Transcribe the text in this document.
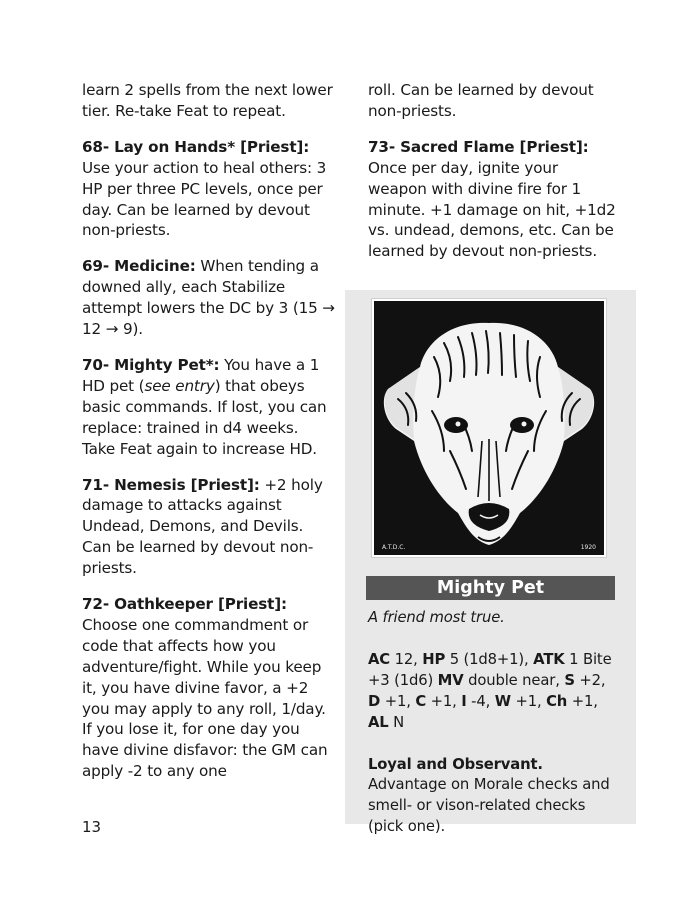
learn 2 spells from the next lower tier. Re-take Feat to repeat.

68- Lay on Hands* [Priest]: Use your action to heal others: 3 HP per three PC levels, once per day. Can be learned by devout non-priests.

69- Medicine: When tending a downed ally, each Stabilize attempt lowers the DC by 3 (15 → 12 → 9).

70- Mighty Pet*: You have a 1 HD pet (see entry) that obeys basic commands. If lost, you can replace: trained in d4 weeks. Take Feat again to increase HD.

71- Nemesis [Priest]: +2 holy damage to attacks against Undead, Demons, and Devils. Can be learned by devout non-priests.

72- Oathkeeper [Priest]: Choose one commandment or code that affects how you adventure/fight. While you keep it, you have divine favor, a +2 you may apply to any roll, 1/day. If you lose it, for one day you have divine disfavor: the GM can apply -2 to any one

13

roll. Can be learned by devout non-priests.

73- Sacred Flame [Priest]: Once per day, ignite your weapon with divine fire for 1 minute. +1 damage on hit, +1d2 vs. undead, demons, etc. Can be learned by devout non-priests.

A.T.D.C.	1920
Mighty Pet

A friend most true.

AC 12, HP 5 (1d8+1), ATK 1 Bite +3 (1d6) MV double near, S +2, D +1, C +1, I -4, W +1, Ch +1, AL N

Loyal and Observant.

Advantage on Morale checks and smell- or vison-related checks (pick one).
